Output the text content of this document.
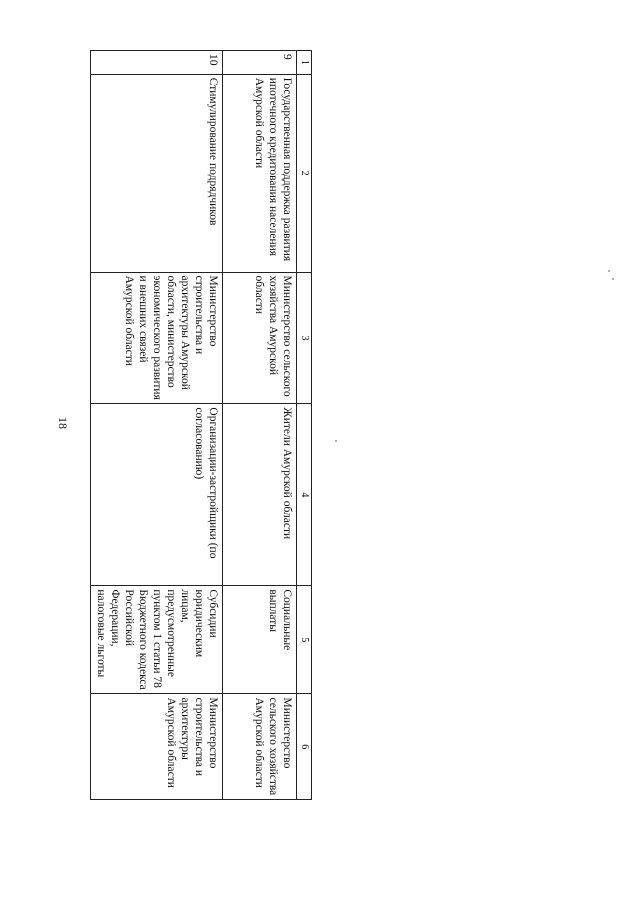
18
1	2	3	4	5	6
9	Государственная поддержка развития ипотечного кредитования населения Амурской области	Министерство сельского хозяйства Амурской области	Жители Амурской области	Социальные выплаты	Министерство сельского хозяйства Амурской области
10	Стимулирование подрядчиков	Министерство строительства и архитектуры Амурской области, министерство экономического развития и внешних связей Амурской области	Организации-застройщики (по согласованию)	Субсидии юридическим лицам, предусмотренные пунктом 1 статьи 78 Бюджетного кодекса Российской Федерации, налоговые льготы	Министерство строительства и архитектуры Амурской области
